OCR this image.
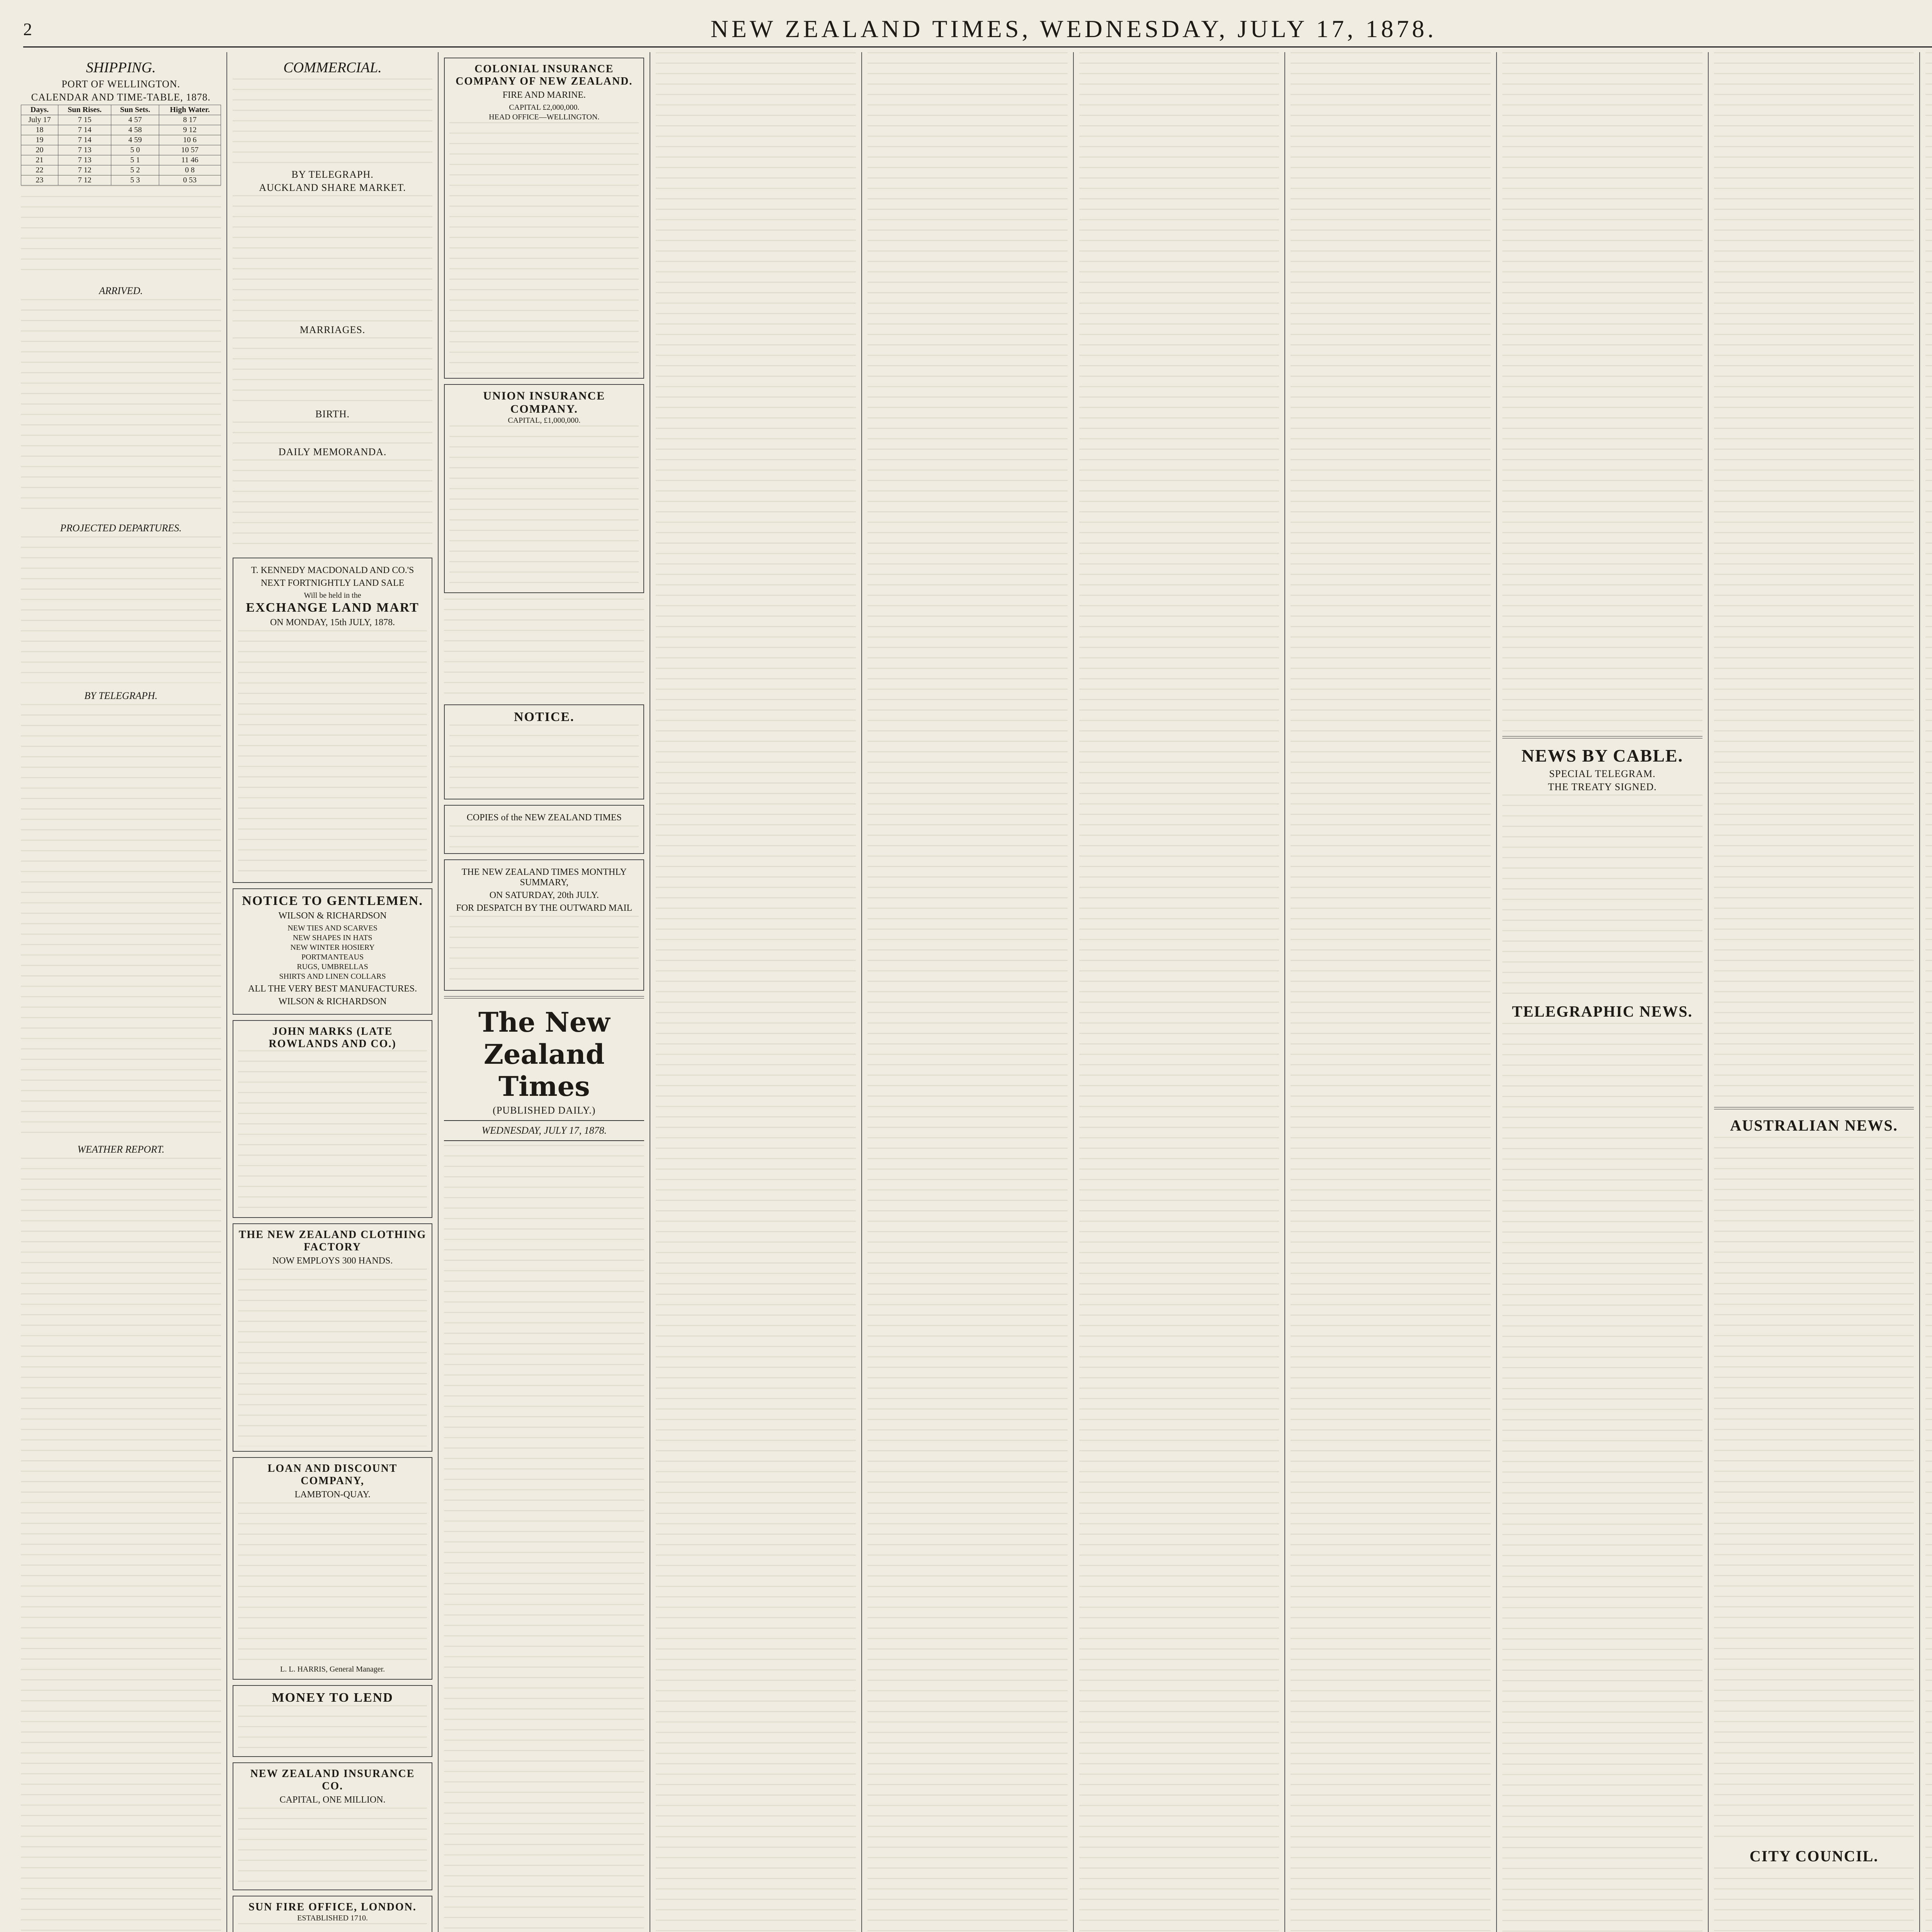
2	NEW ZEALAND TIMES, WEDNESDAY, JULY 17, 1878.
SHIPPING.
PORT OF WELLINGTON.
CALENDAR AND TIME-TABLE, 1878.
Days.	Sun Rises.	Sun Sets.	High Water.
July 17	7 15	4 57	8 17
18	7 14	4 58	9 12
19	7 14	4 59	10 6
20	7 13	5 0	10 57
21	7 13	5 1	11 46
22	7 12	5 2	0 8
23	7 12	5 3	0 53
ARRIVED.
PROJECTED DEPARTURES.
BY TELEGRAPH.
WEATHER REPORT.
COMMERCIAL.
BY TELEGRAPH.
AUCKLAND SHARE MARKET.
MARRIAGES.
BIRTH.
DAILY MEMORANDA.
T. KENNEDY MACDONALD AND CO.'S
NEXT FORTNIGHTLY LAND SALE
Will be held in the
EXCHANGE LAND MART
ON MONDAY, 15th JULY, 1878.
NOTICE TO GENTLEMEN.
WILSON & RICHARDSON
NEW TIES AND SCARVES
NEW SHAPES IN HATS
NEW WINTER HOSIERY
PORTMANTEAUS
RUGS, UMBRELLAS
SHIRTS AND LINEN COLLARS
ALL THE VERY BEST MANUFACTURES.
WILSON & RICHARDSON
JOHN MARKS (LATE ROWLANDS AND CO.)
THE NEW ZEALAND CLOTHING FACTORY
NOW EMPLOYS 300 HANDS.
LOAN AND DISCOUNT COMPANY,
LAMBTON-QUAY.
L. L. HARRIS, General Manager.
MONEY TO LEND
NEW ZEALAND INSURANCE CO.
CAPITAL, ONE MILLION.
SUN FIRE OFFICE, LONDON.
ESTABLISHED 1710.
COLONIAL INSURANCE COMPANY OF NEW ZEALAND.
FIRE AND MARINE.
CAPITAL £2,000,000.
HEAD OFFICE—WELLINGTON.
UNION INSURANCE COMPANY.
CAPITAL, £1,000,000.
NOTICE.
COPIES of the NEW ZEALAND TIMES
THE NEW ZEALAND TIMES MONTHLY SUMMARY,
ON SATURDAY, 20th JULY.
FOR DESPATCH BY THE OUTWARD MAIL
The New Zealand Times
(PUBLISHED DAILY.)
WEDNESDAY, JULY 17, 1878.
NEWS BY CABLE.
SPECIAL TELEGRAM.
THE TREATY SIGNED.
TELEGRAPHIC NEWS.
AUSTRALIAN NEWS.
CITY COUNCIL.
